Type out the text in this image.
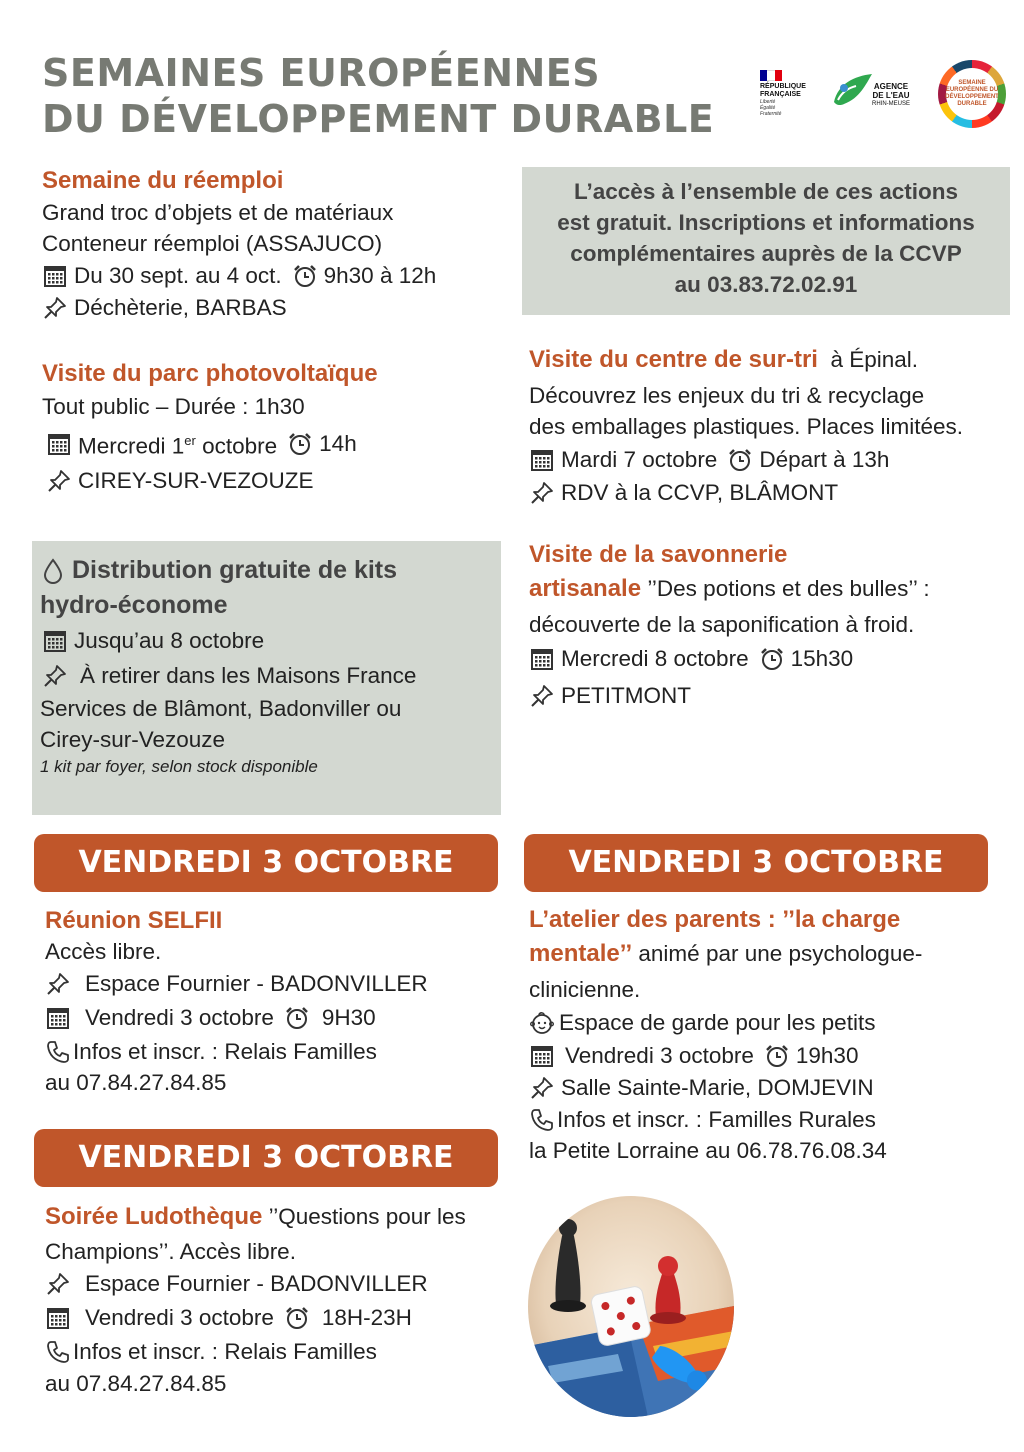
SEMAINES EUROPÉENNES
DU DÉVELOPPEMENT DURABLE
RÉPUBLIQUE FRANÇAISE
Liberté Égalité Fraternité
AGENCE
DE L'EAU
RHIN-MEUSE
SEMAINE EUROPÉENNE DU DÉVELOPPEMENT DURABLE
Semaine du réemploi
Grand troc d’objets et de matériaux
Conteneur réemploi (ASSAJUCO)
Du 30 sept. au 4 oct. 9h30 à 12h
Déchèterie, BARBAS
L’accès à l’ensemble de ces actions
est gratuit. Inscriptions et informations
complémentaires auprès de la CCVP
au 03.83.72.02.91
Visite du parc photovoltaïque
Tout public – Durée : 1h30
Mercredi 1er octobre 14h
CIREY-SUR-VEZOUZE
Visite du centre de sur-tri à Épinal.
Découvrez les enjeux du tri & recyclage
des emballages plastiques. Places limitées.
Mardi 7 octobre Départ à 13h
RDV à la CCVP, BLÂMONT
Distribution gratuite de kits
hydro-économe
Jusqu’au 8 octobre
À retirer dans les Maisons France
Services de Blâmont, Badonviller ou
Cirey-sur-Vezouze
1 kit par foyer, selon stock disponible
Visite de la savonnerie
artisanale ’’Des potions et des bulles’’ :
découverte de la saponification à froid.
Mercredi 8 octobre 15h30
PETITMONT
VENDREDI 3 OCTOBRE	VENDREDI 3 OCTOBRE
VENDREDI 3 OCTOBRE
Réunion SELFII
Accès libre.
Espace Fournier - BADONVILLER
Vendredi 3 octobre 9H30
Infos et inscr. : Relais Familles
au 07.84.27.84.85
L’atelier des parents : ’’la charge
mentale’’ animé par une psychologue-
clinicienne.
Espace de garde pour les petits
Vendredi 3 octobre 19h30
Salle Sainte-Marie, DOMJEVIN
Infos et inscr. : Familles Rurales
la Petite Lorraine au 06.78.76.08.34
Soirée Ludothèque ’’Questions pour les
Champions’’. Accès libre.
Espace Fournier - BADONVILLER
Vendredi 3 octobre 18H-23H
Infos et inscr. : Relais Familles
au 07.84.27.84.85
